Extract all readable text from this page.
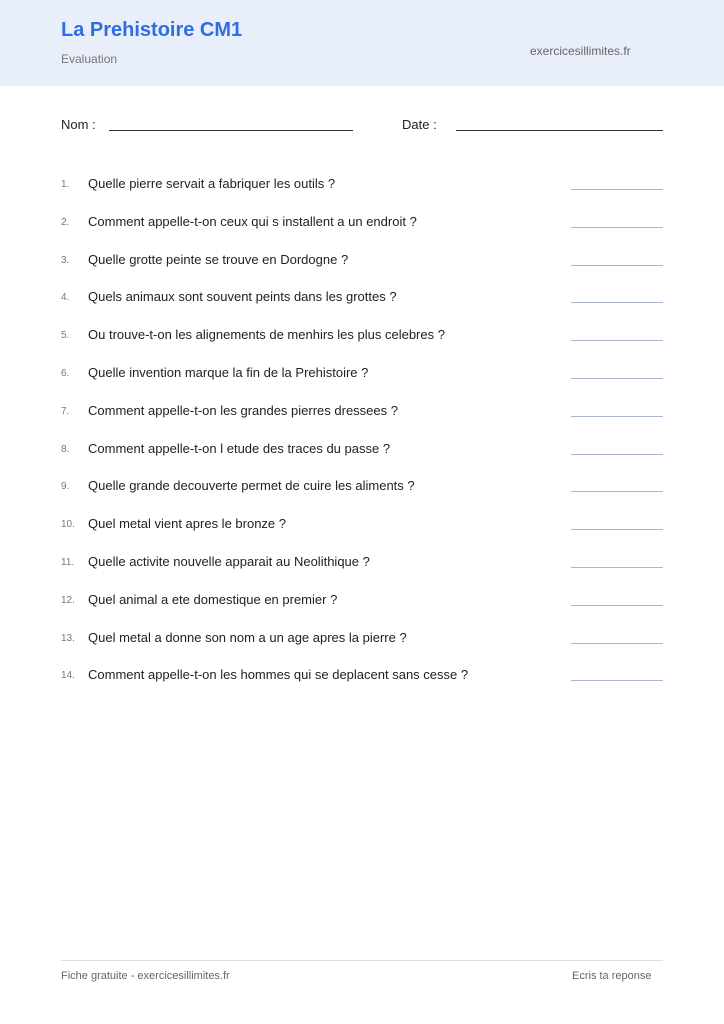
La Prehistoire CM1
Evaluation
exercicesillimites.fr
Nom :	Date :
1.	Quelle pierre servait a fabriquer les outils ?
2.	Comment appelle-t-on ceux qui s installent a un endroit ?
3.	Quelle grotte peinte se trouve en Dordogne ?
4.	Quels animaux sont souvent peints dans les grottes ?
5.	Ou trouve-t-on les alignements de menhirs les plus celebres ?
6.	Quelle invention marque la fin de la Prehistoire ?
7.	Comment appelle-t-on les grandes pierres dressees ?
8.	Comment appelle-t-on l etude des traces du passe ?
9.	Quelle grande decouverte permet de cuire les aliments ?
10.	Quel metal vient apres le bronze ?
11.	Quelle activite nouvelle apparait au Neolithique ?
12.	Quel animal a ete domestique en premier ?
13.	Quel metal a donne son nom a un age apres la pierre ?
14.	Comment appelle-t-on les hommes qui se deplacent sans cesse ?
Fiche gratuite - exercicesillimites.fr	Ecris ta reponse
